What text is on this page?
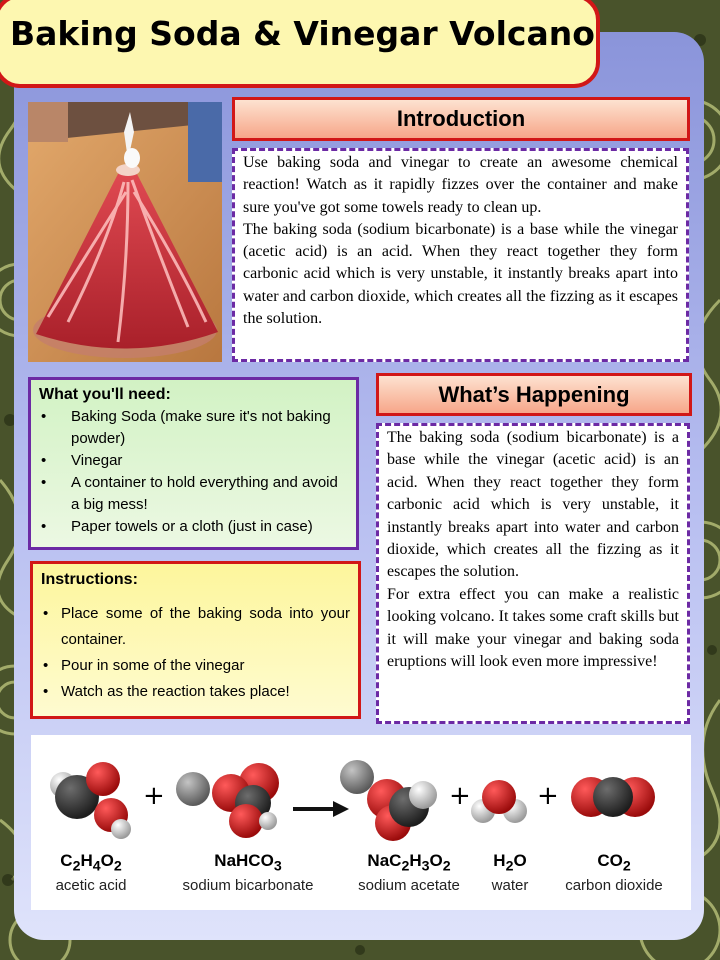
Baking Soda & Vinegar Volcano
Introduction

Use baking soda and vinegar to create an awesome chemical reaction! Watch as it rapidly fizzes over the container and make sure you've got some towels ready to clean up.

The baking soda (sodium bicarbonate) is a base while the vinegar (acetic acid) is an acid. When they react together they form carbonic acid which is very unstable, it instantly breaks apart into water and carbon dioxide, which creates all the fizzing as it escapes the solution.

What you'll need:

• Baking Soda (make sure it's not baking powder)
• Vinegar
• A container to hold everything and avoid a big mess!
• Paper towels or a cloth (just in case)
What’s Happening

The baking soda (sodium bicarbonate) is a base while the vinegar (acetic acid) is an acid. When they react together they form carbonic acid which is very unstable, it instantly breaks apart into water and carbon dioxide, which creates all the fizzing as it escapes the solution.

For extra effect you can make a realistic looking volcano. It takes some craft skills but it will make your vinegar and baking soda eruptions will look even more impressive!

Instructions:

• Place some of the baking soda into your container.
• Pour in some of the vinegar
• Watch as the reaction takes place!
+	+	+
$C_2H_4O_2$	NaHCO$_3$	$NaC_2H_3O_2$	$H_2O$	$CO_2$
acetic acid	sodium bicarbonate	sodium acetate	water	carbon dioxide
